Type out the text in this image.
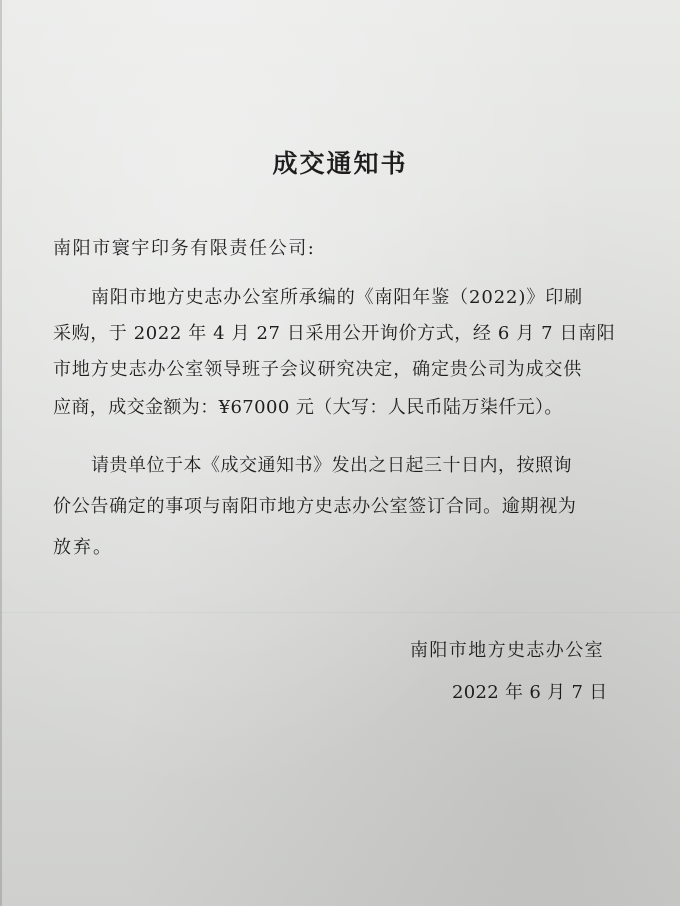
成交通知书
南阳市寰宇印务有限责任公司:
南阳市地方史志办公室所承编的《南阳年鉴（2022)》印刷
采购，于 2022 年 4 月 27 日采用公开询价方式，经 6 月 7 日南阳
市地方史志办公室领导班子会议研究决定，确定贵公司为成交供
应商，成交金额为：¥67000 元（大写：人民币陆万柒仟元）。
请贵单位于本《成交通知书》发出之日起三十日内，按照询
价公告确定的事项与南阳市地方史志办公室签订合同。逾期视为
放弃。
南阳市地方史志办公室
2022 年 6 月 7 日
